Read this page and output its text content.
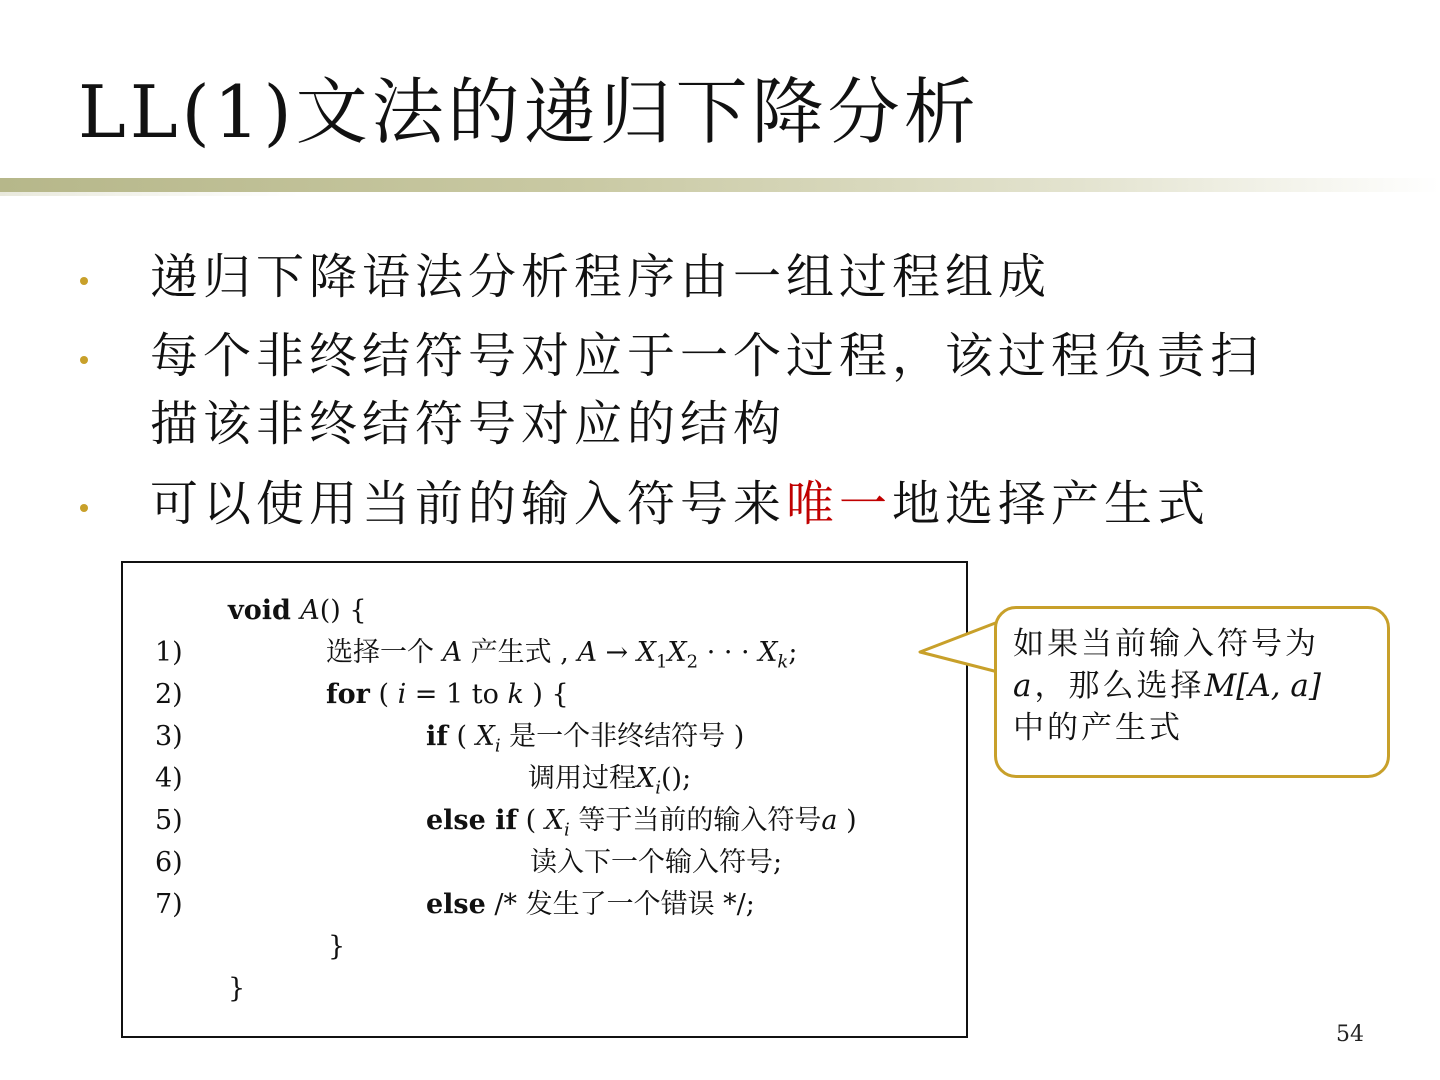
LL(1)文法的递归下降分析
递归下降语法分析程序由一组过程组成
每个非终结符号对应于一个过程，该过程负责扫
描该非终结符号对应的结构
可以使用当前的输入符号来唯一地选择产生式
void A() {
1)	选择一个 A 产生式 , $A \to X_1X_2$ · · · $X_k$;
2)	for ( i = 1 to k ) {
3)	if ( $X_i$ 是一个非终结符号 )
4)	调用过程$X_i()$;
5)	else if ( $X_i$ 等于当前的输入符号a )
6)	读入下一个输入符号;
7)	else /* 发生了一个错误 */;
}
}
如果当前输入符号为
a，那么选择M[A, a]
中的产生式
54
